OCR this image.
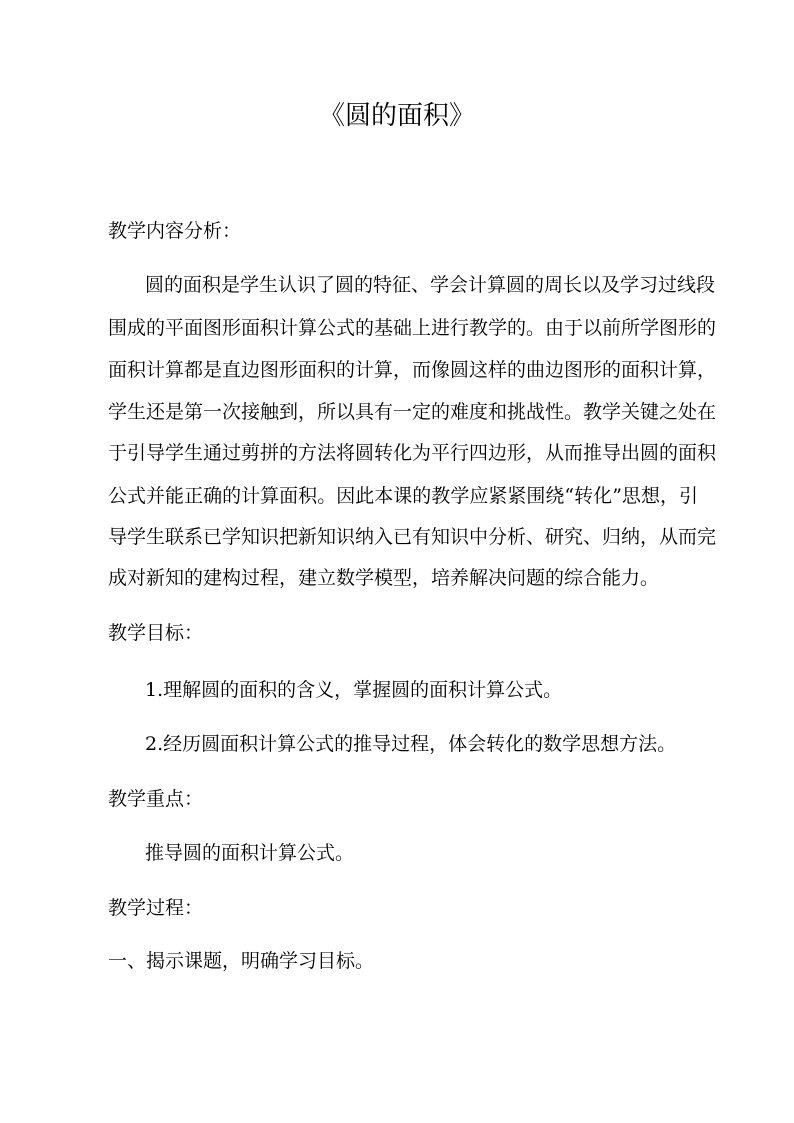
《圆的面积》
教学内容分析：
圆的面积是学生认识了圆的特征、学会计算圆的周长以及学习过线段
围成的平面图形面积计算公式的基础上进行教学的。由于以前所学图形的
面积计算都是直边图形面积的计算，而像圆这样的曲边图形的面积计算，
学生还是第一次接触到，所以具有一定的难度和挑战性。教学关键之处在
于引导学生通过剪拼的方法将圆转化为平行四边形，从而推导出圆的面积
公式并能正确的计算面积。因此本课的教学应紧紧围绕“转化”思想，引
导学生联系已学知识把新知识纳入已有知识中分析、研究、归纳，从而完
成对新知的建构过程，建立数学模型，培养解决问题的综合能力。
教学目标：
1.理解圆的面积的含义，掌握圆的面积计算公式。
2.经历圆面积计算公式的推导过程，体会转化的数学思想方法。
教学重点：
推导圆的面积计算公式。
教学过程：
一、揭示课题，明确学习目标。
